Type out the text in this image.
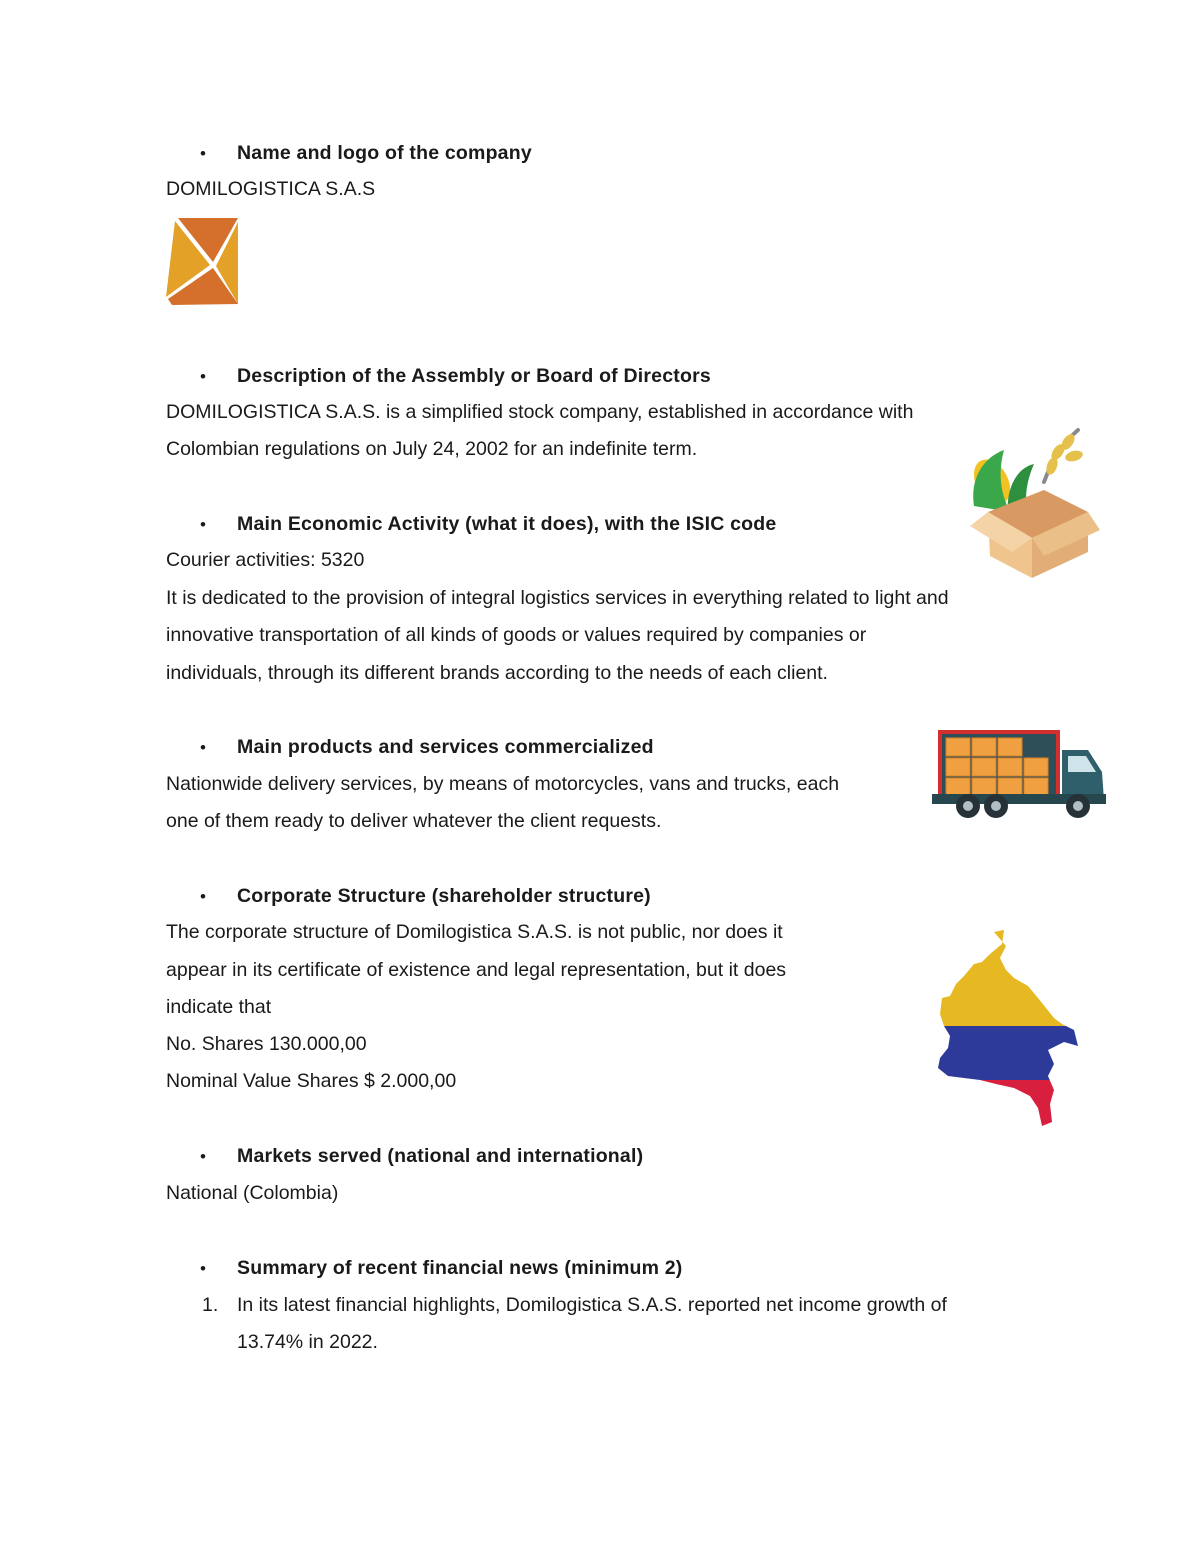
• Name and logo of the company
DOMILOGISTICA S.A.S
• Description of the Assembly or Board of Directors
DOMILOGISTICA S.A.S. is a simplified stock company, established in accordance with
Colombian regulations on July 24, 2002 for an indefinite term.
• Main Economic Activity (what it does), with the ISIC code
Courier activities: 5320
It is dedicated to the provision of integral logistics services in everything related to light and
innovative transportation of all kinds of goods or values required by companies or
individuals, through its different brands according to the needs of each client.
• Main products and services commercialized
Nationwide delivery services, by means of motorcycles, vans and trucks, each
one of them ready to deliver whatever the client requests.
• Corporate Structure (shareholder structure)
The corporate structure of Domilogistica S.A.S. is not public, nor does it
appear in its certificate of existence and legal representation, but it does
indicate that
No. Shares 130.000,00
Nominal Value Shares $ 2.000,00
• Markets served (national and international)
National (Colombia)
• Summary of recent financial news (minimum 2)
1. In its latest financial highlights, Domilogistica S.A.S. reported net income growth of
13.74% in 2022.
